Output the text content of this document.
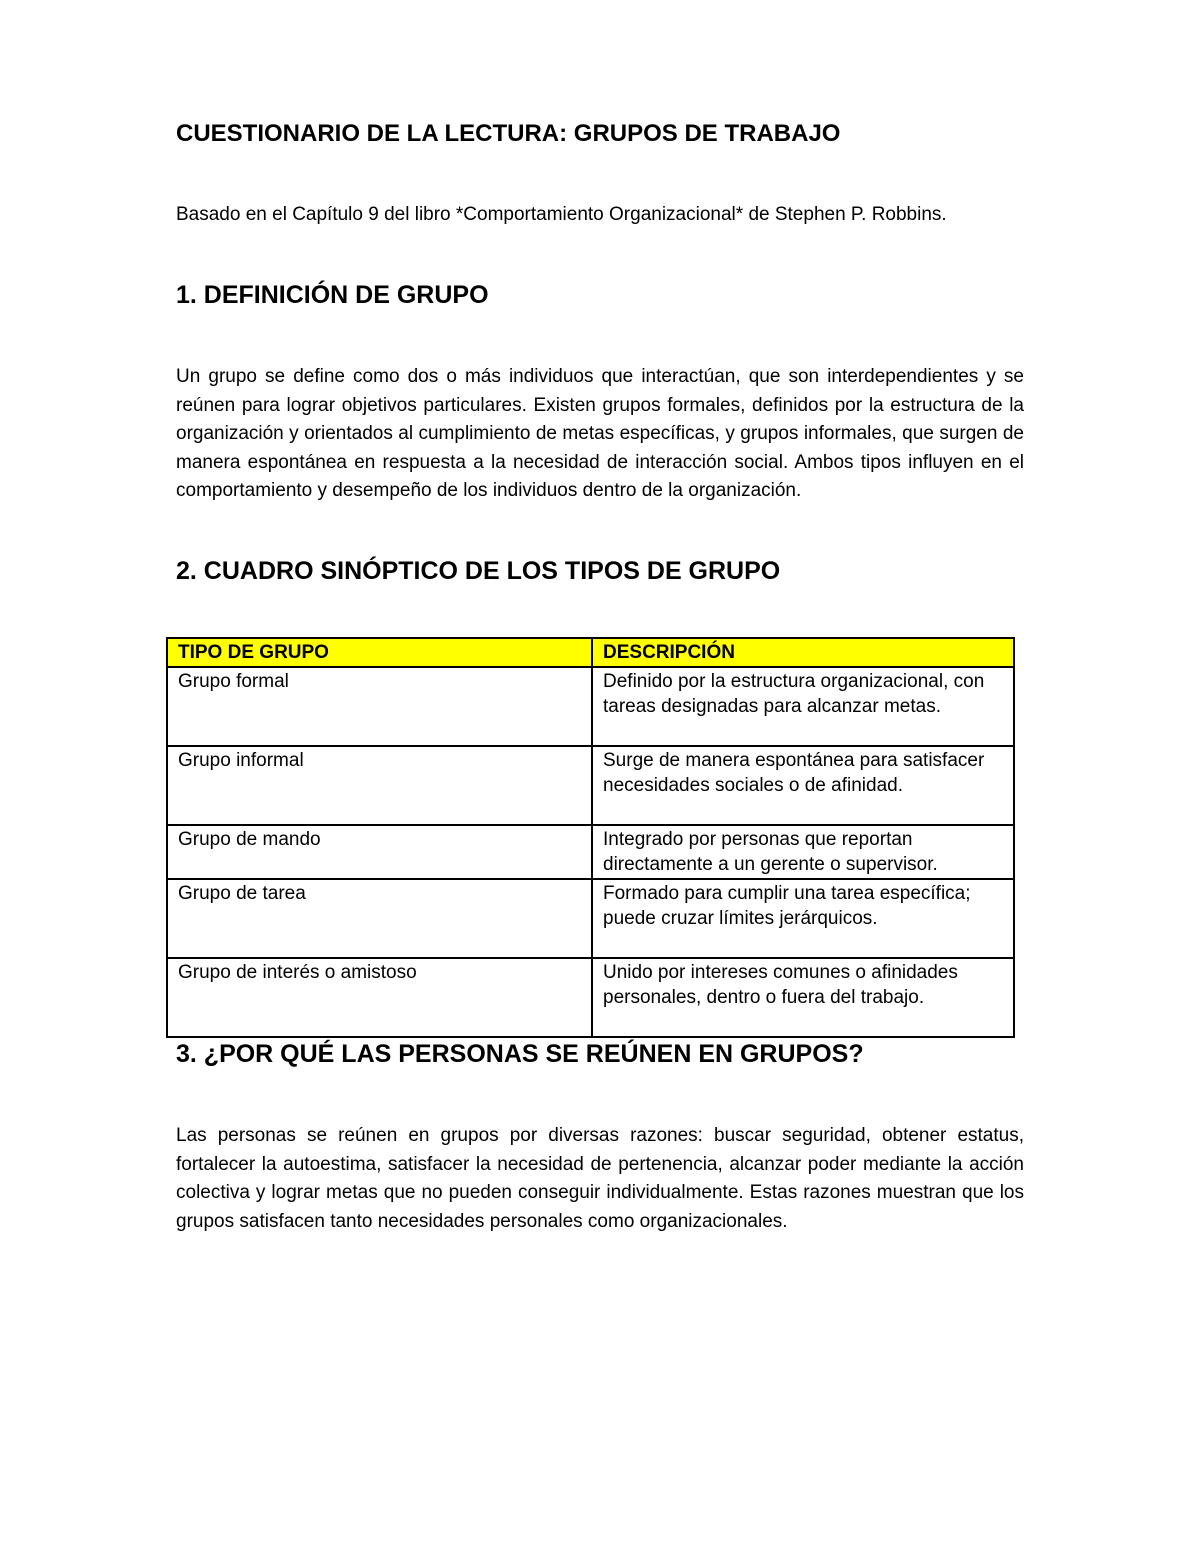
CUESTIONARIO DE LA LECTURA: GRUPOS DE TRABAJO

Basado en el Capítulo 9 del libro *Comportamiento Organizacional* de Stephen P. Robbins.

1. DEFINICIÓN DE GRUPO

Un grupo se define como dos o más individuos que interactúan, que son interdependientes y se reúnen para lograr objetivos particulares. Existen grupos formales, definidos por la estructura de la organización y orientados al cumplimiento de metas específicas, y grupos informales, que surgen de manera espontánea en respuesta a la necesidad de interacción social. Ambos tipos influyen en el comportamiento y desempeño de los individuos dentro de la organización.

2. CUADRO SINÓPTICO DE LOS TIPOS DE GRUPO
TIPO DE GRUPO	DESCRIPCIÓN
Grupo formal	Definido por la estructura organizacional, con tareas designadas para alcanzar metas.
Grupo informal	Surge de manera espontánea para satisfacer necesidades sociales o de afinidad.
Grupo de mando	Integrado por personas que reportan directamente a un gerente o supervisor.
Grupo de tarea	Formado para cumplir una tarea específica; puede cruzar límites jerárquicos.
Grupo de interés o amistoso	Unido por intereses comunes o afinidades personales, dentro o fuera del trabajo.
3. ¿POR QUÉ LAS PERSONAS SE REÚNEN EN GRUPOS?

Las personas se reúnen en grupos por diversas razones: buscar seguridad, obtener estatus, fortalecer la autoestima, satisfacer la necesidad de pertenencia, alcanzar poder mediante la acción colectiva y lograr metas que no pueden conseguir individualmente. Estas razones muestran que los grupos satisfacen tanto necesidades personales como organizacionales.
